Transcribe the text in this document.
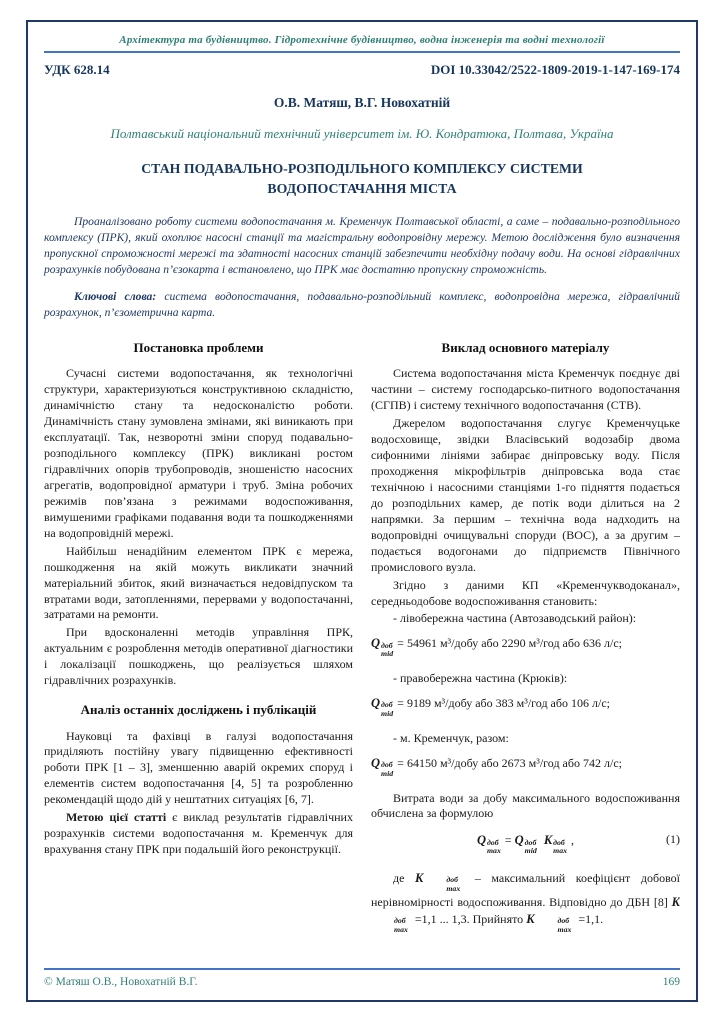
Архітектура та будівництво. Гідротехнічне будівництво, водна інженерія та водні технології
УДК 628.14	DOI 10.33042/2522-1809-2019-1-147-169-174
О.В. Матяш, В.Г. Новохатній
Полтавський національний технічний університет ім. Ю. Кондратюка, Полтава, Україна
СТАН ПОДАВАЛЬНО-РОЗПОДІЛЬНОГО КОМПЛЕКСУ СИСТЕМИ
ВОДОПОСТАЧАННЯ МІСТА
Проаналізовано роботу системи водопостачання м. Кременчук Полтавської області, а саме – подавально-розподільного комплексу (ПРК), який охоплює насосні станції та магістральну водопровідну мережу. Метою дослідження було визначення пропускної спроможності мережі та здатності насосних станцій забезпечити необхідну подачу води. На основі гідравлічних розрахунків побудована п’єзокарта і встановлено, що ПРК має достатню пропускну спроможність.
Ключові слова: система водопостачання, подавально-розподільний комплекс, водопровідна мережа, гідравлічний розрахунок, п’єзометрична карта.
Постановка проблеми
Сучасні системи водопостачання, як технологічні структури, характеризуються конструктивною складністю, динамічністю стану та недосконалістю роботи. Динамічність стану зумовлена змінами, які виникають при експлуатації. Так, незворотні зміни споруд подавально-розподільного комплексу (ПРК) викликані ростом гідравлічних опорів трубопроводів, зношеністю насосних агрегатів, водопровідної арматури і труб. Зміна робочих режимів пов’язана з режимами водоспоживання, вимушеними графіками подавання води та пошкодженнями на водопровідній мережі.
Найбільш ненадійним елементом ПРК є мережа, пошкодження на якій можуть викликати значний матеріальний збиток, який визначається недовідпуском та втратами води, затопленнями, перервами у водопостачанні, затратами на ремонти.
При вдосконаленні методів управління ПРК, актуальним є розроблення методів оперативної діагностики і локалізації пошкоджень, що реалізується шляхом гідравлічних розрахунків.
Аналіз останніх досліджень і публікацій
Науковці та фахівці в галузі водопостачання приділяють постійну увагу підвищенню ефективності роботи ПРК [1 – 3], зменшенню аварій окремих споруд і елементів систем водопостачання [4, 5] та розробленню рекомендацій щодо дій у нештатних ситуаціях [6, 7].
Метою цієї статті є виклад результатів гідравлічних розрахунків системи водопостачання м. Кременчук для врахування стану ПРК при подальшій його реконструкції.
Виклад основного матеріалу
Система водопостачання міста Кременчук поєднує дві частини – систему господарсько-питного водопостачання (СГПВ) і систему технічного водопостачання (СТВ).
Джерелом водопостачання слугує Кременчуцьке водосховище, звідки Власівський водозабір двома сифонними лініями забирає дніпровську воду. Після проходження мікрофільтрів дніпровська вода стає технічною і насосними станціями 1-го підняття подається до розподільних камер, де потік води ділиться на 2 напрямки. За першим – технічна вода надходить на водопровідні очищувальні споруди (ВОС), а за другим – подається водогонами до підприємств Північного промислового вузла.
Згідно з даними КП «Кременчукводоканал», середньодобове водоспоживання становить:
- лівобережна частина (Автозаводський район):
Q доб
mid
= 54961 м³/добу або 2290 м³/год або 636 л/с;
- правобережна частина (Крюків):
Q доб
mid
= 9189 м³/добу або 383 м³/год або 106 л/с;
- м. Кременчук, разом:
Q доб
mid
= 64150 м³/добу або 2673 м³/год або 742 л/с;
Витрата води за добу максимального водоспоживання обчислена за формулою
Q доб
max
= Q доб
mid
K доб
max
,	(1)
де K	доб
max
– максимальний коефіцієнт добової нерівномірності водоспоживання. Відповідно до ДБН [8] K
доб
max
=1,1 ... 1,3. Прийнято K	доб
max
=1,1.
© Матяш О.В., Новохатній В.Г.	169
